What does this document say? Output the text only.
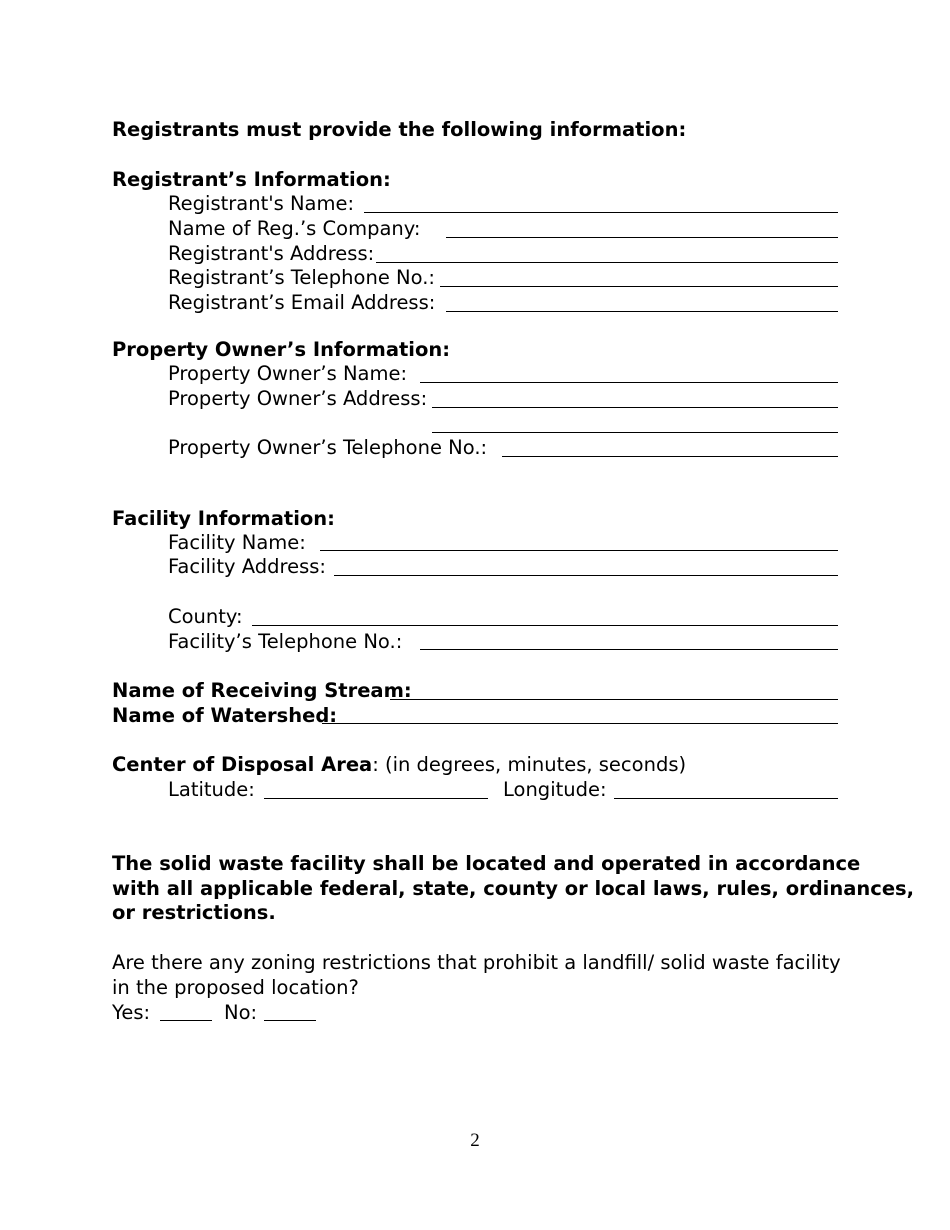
Registrants must provide the following information:
Registrant’s Information:
Registrant's Name:
Name of Reg.’s Company:
Registrant's Address:
Registrant’s Telephone No.:
Registrant’s Email Address:
Property Owner’s Information:
Property Owner’s Name:
Property Owner’s Address:
Property Owner’s Telephone No.:
Facility Information:
Facility Name:
Facility Address:
County:
Facility’s Telephone No.:
Name of Receiving Stream:
Name of Watershed:
Center of Disposal Area: (in degrees, minutes, seconds)
Latitude:	Longitude:
The solid waste facility shall be located and operated in accordance
with all applicable federal, state, county or local laws, rules, ordinances,
or restrictions.
Are there any zoning restrictions that prohibit a landfill/ solid waste facility
in the proposed location?
Yes:	No:
2
